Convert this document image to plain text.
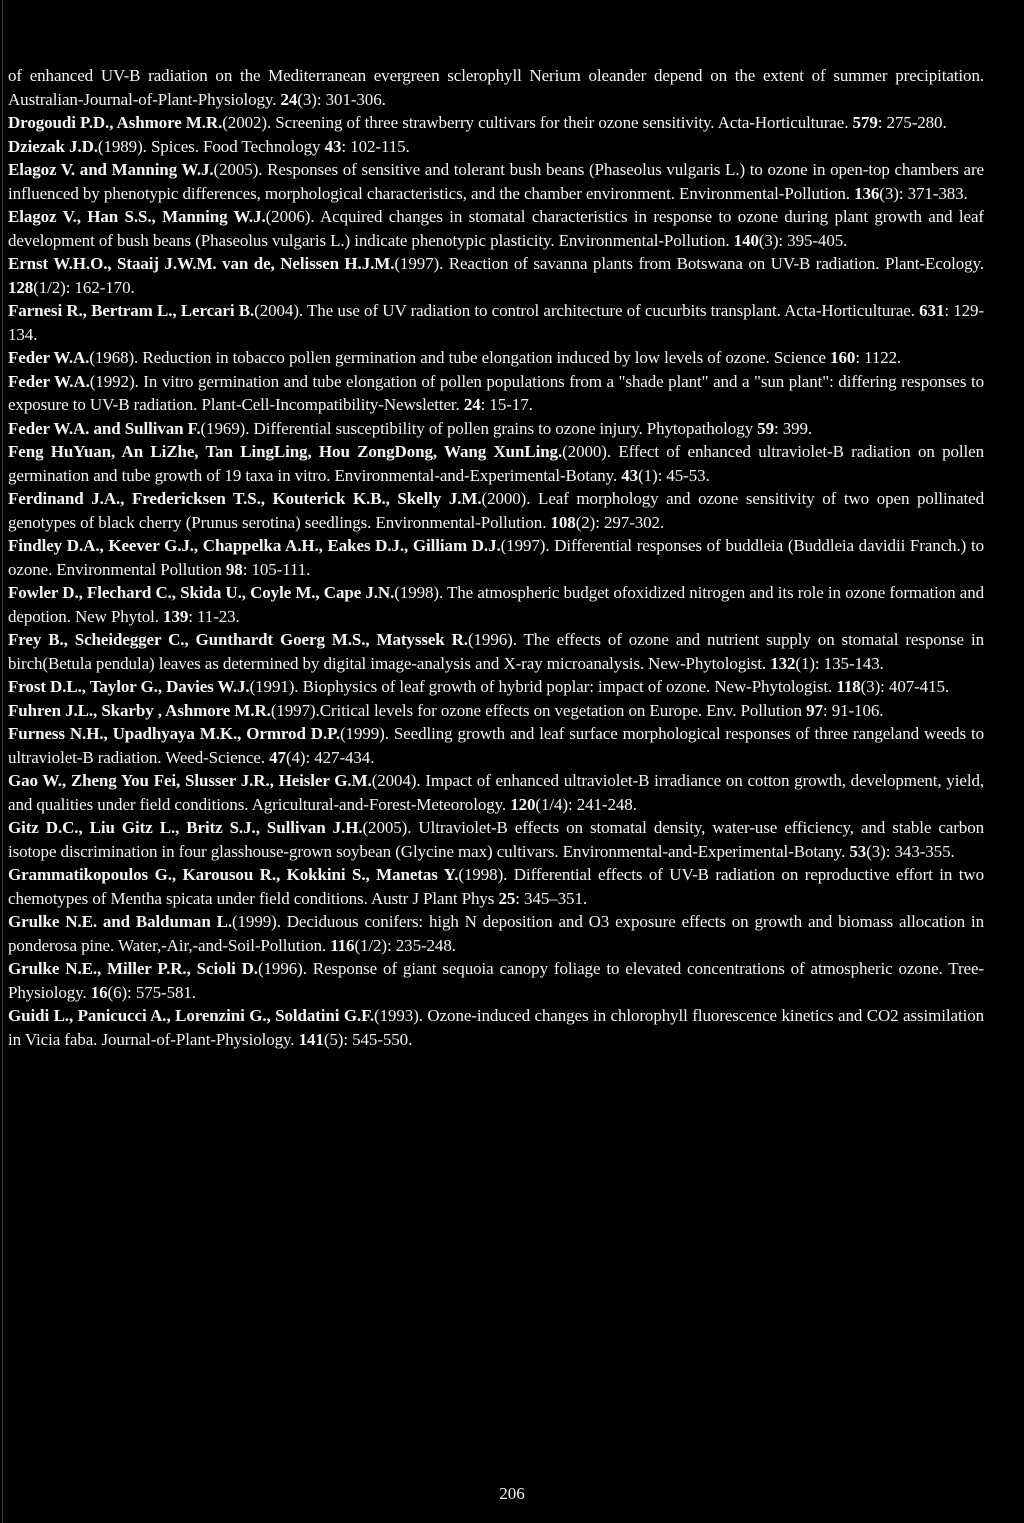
of enhanced UV-B radiation on the Mediterranean evergreen sclerophyll Nerium oleander depend on the extent of summer precipitation. Australian-Journal-of-Plant-Physiology. 24(3): 301-306.

Drogoudi P.D., Ashmore M.R.(2002). Screening of three strawberry cultivars for their ozone sensitivity. Acta-Horticulturae. 579: 275-280.

Dziezak J.D.(1989). Spices. Food Technology 43: 102-115.

Elagoz V. and Manning W.J.(2005). Responses of sensitive and tolerant bush beans (Phaseolus vulgaris L.) to ozone in open-top chambers are influenced by phenotypic differences, morphological characteristics, and the chamber environment. Environmental-Pollution. 136(3): 371-383.

Elagoz V., Han S.S., Manning W.J.(2006). Acquired changes in stomatal characteristics in response to ozone during plant growth and leaf development of bush beans (Phaseolus vulgaris L.) indicate phenotypic plasticity. Environmental-Pollution. 140(3): 395-405.

Ernst W.H.O., Staaij J.W.M. van de, Nelissen H.J.M.(1997). Reaction of savanna plants from Botswana on UV-B radiation. Plant-Ecology. 128(1/2): 162-170.

Farnesi R., Bertram L., Lercari B.(2004). The use of UV radiation to control architecture of cucurbits transplant. Acta-Horticulturae. 631: 129-134.

Feder W.A.(1968). Reduction in tobacco pollen germination and tube elongation induced by low levels of ozone. Science 160: 1122.

Feder W.A.(1992). In vitro germination and tube elongation of pollen populations from a "shade plant" and a "sun plant": differing responses to exposure to UV-B radiation. Plant-Cell-Incompatibility-Newsletter. 24: 15-17.

Feder W.A. and Sullivan F.(1969). Differential susceptibility of pollen grains to ozone injury. Phytopathology 59: 399.

Feng HuYuan, An LiZhe, Tan LingLing, Hou ZongDong, Wang XunLing.(2000). Effect of enhanced ultraviolet-B radiation on pollen germination and tube growth of 19 taxa in vitro. Environmental-and-Experimental-Botany. 43(1): 45-53.

Ferdinand J.A., Fredericksen T.S., Kouterick K.B., Skelly J.M.(2000). Leaf morphology and ozone sensitivity of two open pollinated genotypes of black cherry (Prunus serotina) seedlings. Environmental-Pollution. 108(2): 297-302.

Findley D.A., Keever G.J., Chappelka A.H., Eakes D.J., Gilliam D.J.(1997). Differential responses of buddleia (Buddleia davidii Franch.) to ozone. Environmental Pollution 98: 105-111.

Fowler D., Flechard C., Skida U., Coyle M., Cape J.N.(1998). The atmospheric budget ofoxidized nitrogen and its role in ozone formation and depotion. New Phytol. 139: 11-23.

Frey B., Scheidegger C., Gunthardt Goerg M.S., Matyssek R.(1996). The effects of ozone and nutrient supply on stomatal response in birch(Betula pendula) leaves as determined by digital image-analysis and X-ray microanalysis. New-Phytologist. 132(1): 135-143.

Frost D.L., Taylor G., Davies W.J.(1991). Biophysics of leaf growth of hybrid poplar: impact of ozone. New-Phytologist. 118(3): 407-415.

Fuhren J.L., Skarby , Ashmore M.R.(1997).Critical levels for ozone effects on vegetation on Europe. Env. Pollution 97: 91-106.

Furness N.H., Upadhyaya M.K., Ormrod D.P.(1999). Seedling growth and leaf surface morphological responses of three rangeland weeds to ultraviolet-B radiation. Weed-Science. 47(4): 427-434.

Gao W., Zheng You Fei, Slusser J.R., Heisler G.M.(2004). Impact of enhanced ultraviolet-B irradiance on cotton growth, development, yield, and qualities under field conditions. Agricultural-and-Forest-Meteorology. 120(1/4): 241-248.

Gitz D.C., Liu Gitz L., Britz S.J., Sullivan J.H.(2005). Ultraviolet-B effects on stomatal density, water-use efficiency, and stable carbon isotope discrimination in four glasshouse-grown soybean (Glycine max) cultivars. Environmental-and-Experimental-Botany. 53(3): 343-355.

Grammatikopoulos G., Karousou R., Kokkini S., Manetas Y.(1998). Differential effects of UV-B radiation on reproductive effort in two chemotypes of Mentha spicata under field conditions. Austr J Plant Phys 25: 345–351.

Grulke N.E. and Balduman L.(1999). Deciduous conifers: high N deposition and O3 exposure effects on growth and biomass allocation in ponderosa pine. Water,-Air,-and-Soil-Pollution. 116(1/2): 235-248.

Grulke N.E., Miller P.R., Scioli D.(1996). Response of giant sequoia canopy foliage to elevated concentrations of atmospheric ozone. Tree-Physiology. 16(6): 575-581.

Guidi L., Panicucci A., Lorenzini G., Soldatini G.F.(1993). Ozone-induced changes in chlorophyll fluorescence kinetics and CO2 assimilation in Vicia faba. Journal-of-Plant-Physiology. 141(5): 545-550.

206
